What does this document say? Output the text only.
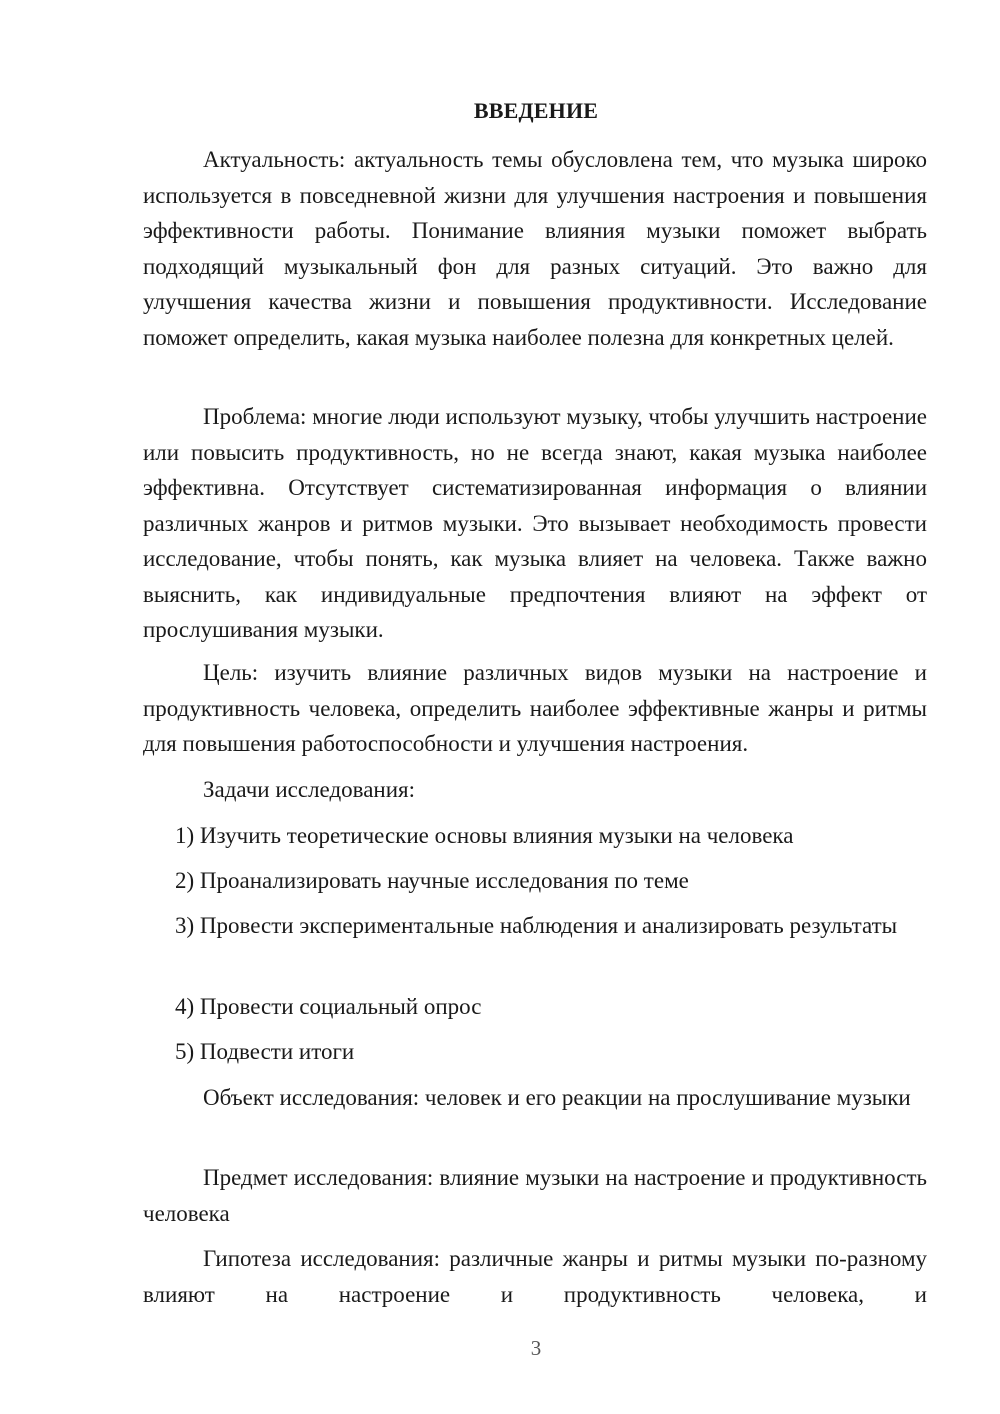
ВВЕДЕНИЕ

Актуальность: актуальность темы обусловлена тем, что музыка широко используется в повседневной жизни для улучшения настроения и повышения эффективности работы. Понимание влияния музыки поможет выбрать подходящий музыкальный фон для разных ситуаций. Это важно для улучшения качества жизни и повышения продуктивности. Исследование поможет определить, какая музыка наиболее полезна для конкретных целей.

Проблема: многие люди используют музыку, чтобы улучшить настроение или повысить продуктивность, но не всегда знают, какая музыка наиболее эффективна. Отсутствует систематизированная информация о влиянии различных жанров и ритмов музыки. Это вызывает необходимость провести исследование, чтобы понять, как музыка влияет на человека. Также важно выяснить, как индивидуальные предпочтения влияют на эффект от прослушивания музыки.

Цель: изучить влияние различных видов музыки на настроение и продуктивность человека, определить наиболее эффективные жанры и ритмы для повышения работоспособности и улучшения настроения.

Задачи исследования:

1) Изучить теоретические основы влияния музыки на человека

2) Проанализировать научные исследования по теме

3) Провести экспериментальные наблюдения и анализировать результаты

4) Провести социальный опрос

5) Подвести итоги

Объект исследования: человек и его реакции на прослушивание музыки

Предмет исследования: влияние музыки на настроение и продуктивность человека

Гипотеза исследования: различные жанры и ритмы музыки по-разному влияют на настроение и продуктивность человека, и

3
